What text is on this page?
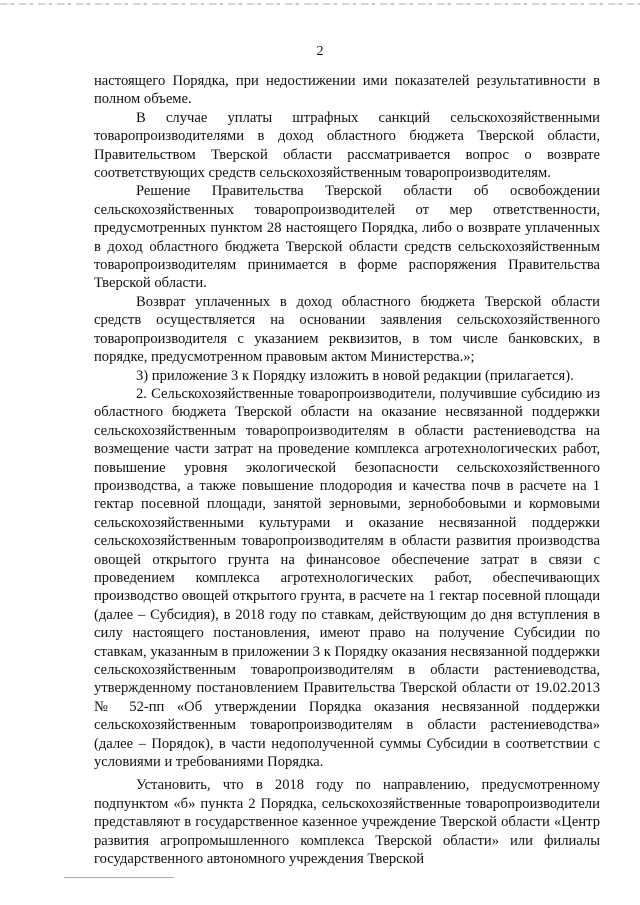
2

настоящего Порядка, при недостижении ими показателей результативности в полном объеме.

В случае уплаты штрафных санкций сельскохозяйственными товаропроизводителями в доход областного бюджета Тверской области, Правительством Тверской области рассматривается вопрос о возврате соответствующих средств сельскохозяйственным товаропроизводителям.

Решение Правительства Тверской области об освобождении сельскохозяйственных товаропроизводителей от мер ответственности, предусмотренных пунктом 28 настоящего Порядка, либо о возврате уплаченных в доход областного бюджета Тверской области средств сельскохозяйственным товаропроизводителям принимается в форме распоряжения Правительства Тверской области.

Возврат уплаченных в доход областного бюджета Тверской области средств осуществляется на основании заявления сельскохозяйственного товаропроизводителя с указанием реквизитов, в том числе банковских, в порядке, предусмотренном правовым актом Министерства.»;

3) приложение 3 к Порядку изложить в новой редакции (прилагается).

2. Сельскохозяйственные товаропроизводители, получившие субсидию из областного бюджета Тверской области на оказание несвязанной поддержки сельскохозяйственным товаропроизводителям в области растениеводства на возмещение части затрат на проведение комплекса агротехнологических работ, повышение уровня экологической безопасности сельскохозяйственного производства, а также повышение плодородия и качества почв в расчете на 1 гектар посевной площади, занятой зерновыми, зернобобовыми и кормовыми сельскохозяйственными культурами и оказание несвязанной поддержки сельскохозяйственным товаропроизводителям в области развития производства овощей открытого грунта на финансовое обеспечение затрат в связи с проведением комплекса агротехнологических работ, обеспечивающих производство овощей открытого грунта, в расчете на 1 гектар посевной площади (далее – Субсидия), в 2018 году по ставкам, действующим до дня вступления в силу настоящего постановления, имеют право на получение Субсидии по ставкам, указанным в приложении 3 к Порядку оказания несвязанной поддержки сельскохозяйственным товаропроизводителям в области растениеводства, утвержденному постановлением Правительства Тверской области от 19.02.2013 № 52-пп «Об утверждении Порядка оказания несвязанной поддержки сельскохозяйственным товаропроизводителям в области растениеводства» (далее – Порядок), в части недополученной суммы Субсидии в соответствии с условиями и требованиями Порядка.

Установить, что в 2018 году по направлению, предусмотренному подпунктом «б» пункта 2 Порядка, сельскохозяйственные товаропроизводители представляют в государственное казенное учреждение Тверской области «Центр развития агропромышленного комплекса Тверской области» или филиалы государственного автономного учреждения Тверской
